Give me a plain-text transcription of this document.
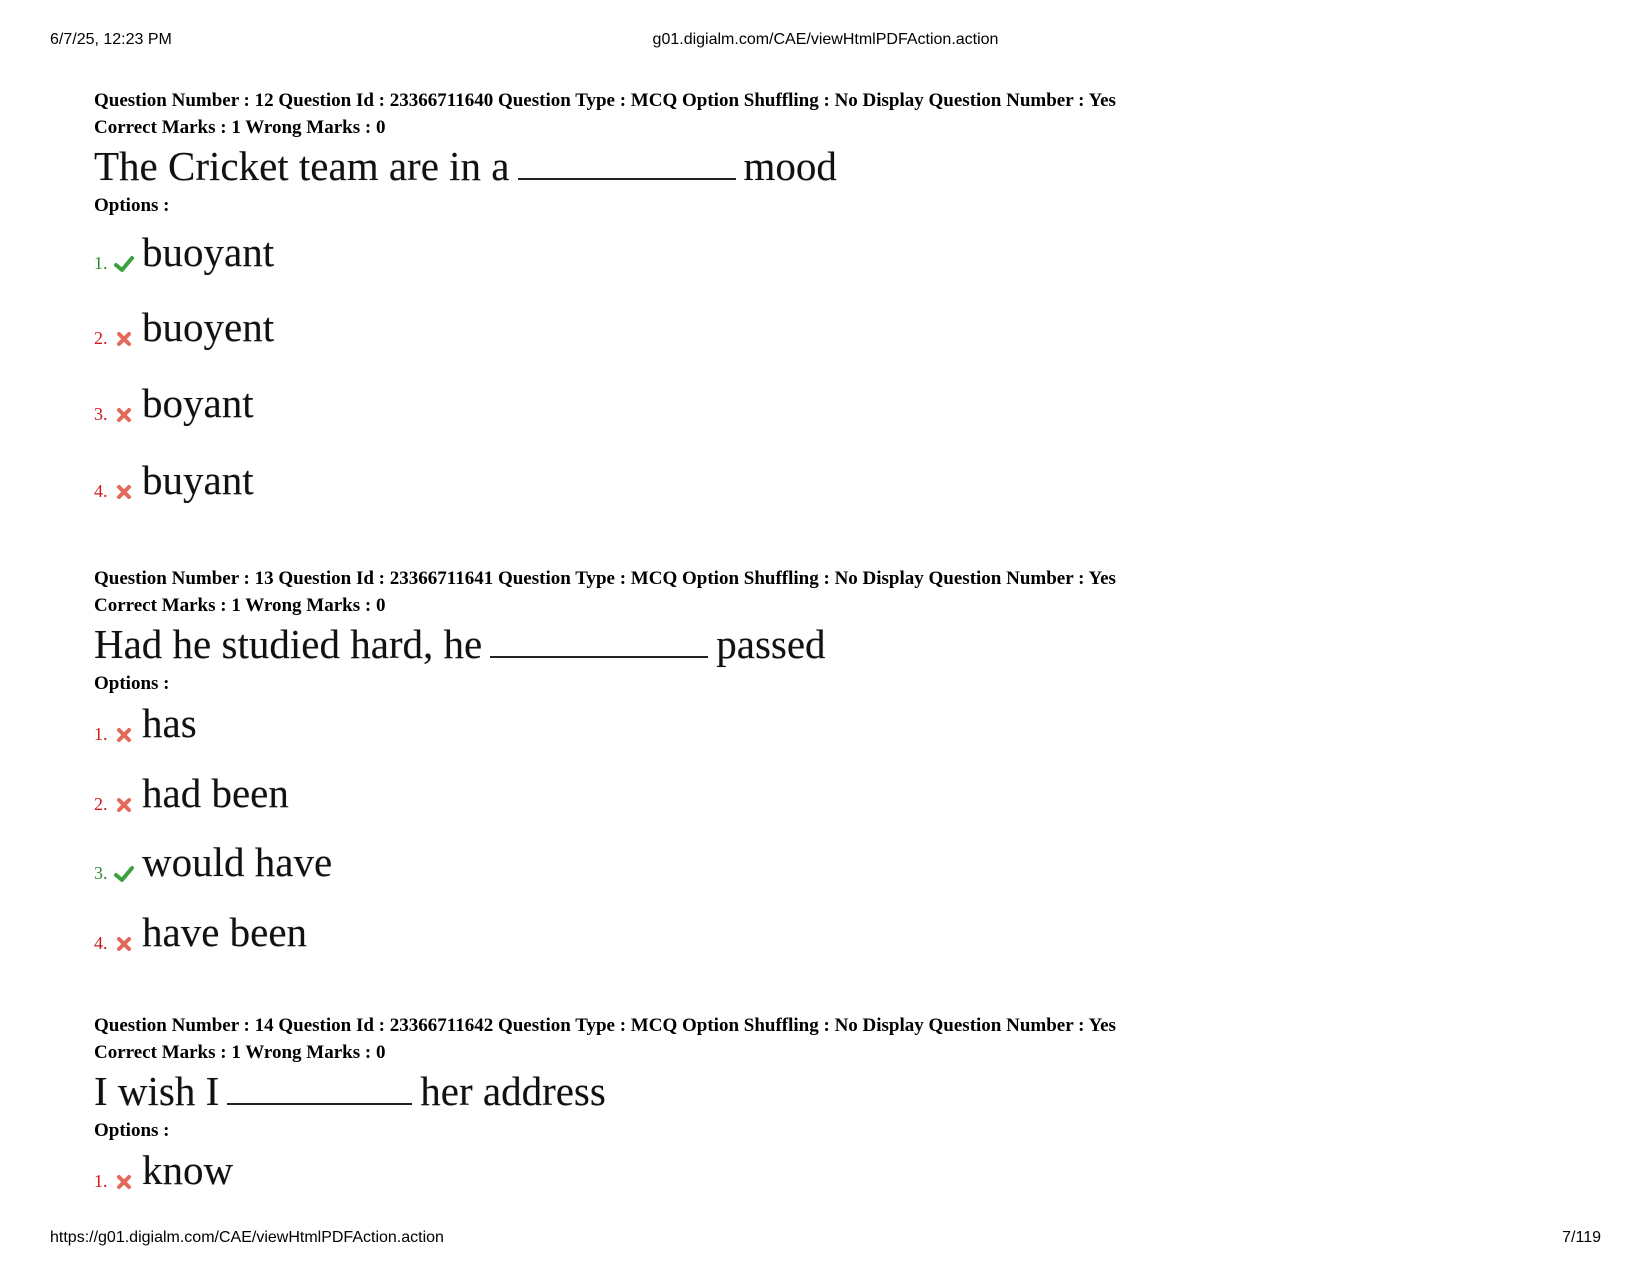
6/7/25, 12:23 PM	g01.digialm.com/CAE/viewHtmlPDFAction.action
Question Number : 12 Question Id : 23366711640 Question Type : MCQ Option Shuffling : No Display Question Number : Yes
Correct Marks : 1 Wrong Marks : 0
The Cricket team are in a	mood
Options :
1. buoyant
2. buoyent
3. boyant
4. buyant
Question Number : 13 Question Id : 23366711641 Question Type : MCQ Option Shuffling : No Display Question Number : Yes
Correct Marks : 1 Wrong Marks : 0
Had he studied hard, he	passed
Options :
1. has
2. had been
3. would have
4. have been
Question Number : 14 Question Id : 23366711642 Question Type : MCQ Option Shuffling : No Display Question Number : Yes
Correct Marks : 1 Wrong Marks : 0
I wish I	her address
Options :
1. know
https://g01.digialm.com/CAE/viewHtmlPDFAction.action	7/119
